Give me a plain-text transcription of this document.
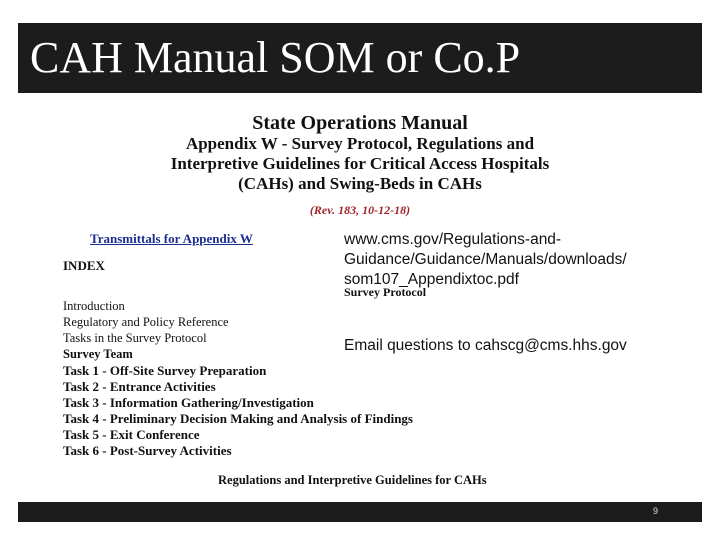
CAH Manual SOM or Co.P
State Operations Manual
Appendix W - Survey Protocol, Regulations and
Interpretive Guidelines for Critical Access Hospitals
(CAHs) and Swing-Beds in CAHs
(Rev. 183, 10-12-18)
Transmittals for Appendix W
INDEX
Survey Protocol
Introduction
Regulatory and Policy Reference
Tasks in the Survey Protocol
Survey Team
Task 1 - Off-Site Survey Preparation
Task 2 - Entrance Activities
Task 3 - Information Gathering/Investigation
Task 4 - Preliminary Decision Making and Analysis of Findings
Task 5 - Exit Conference
Task 6 - Post-Survey Activities
Regulations and Interpretive Guidelines for CAHs
www.cms.gov/Regulations-and-
Guidance/Guidance/Manuals/downloads/
som107_Appendixtoc.pdf
Email questions to cahscg@cms.hhs.gov
9
